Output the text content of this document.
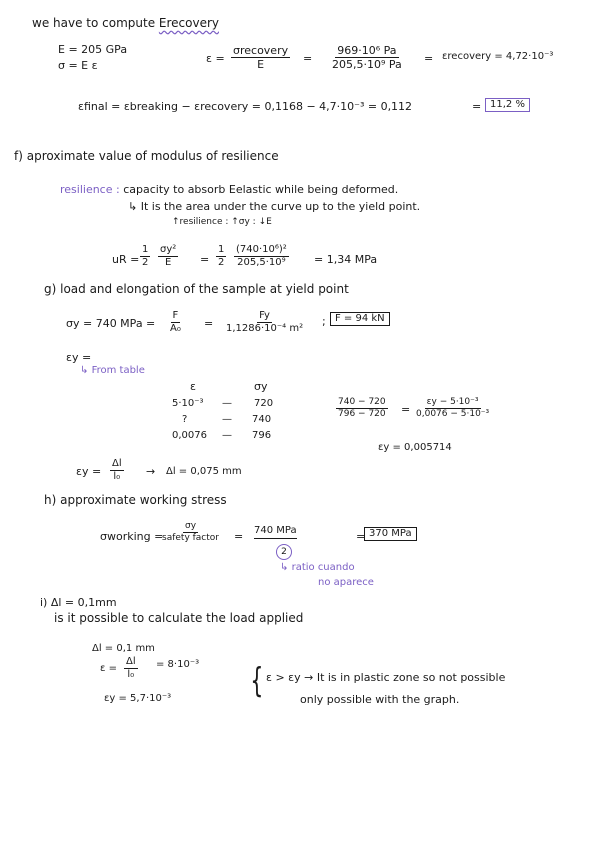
we have to compute Erecovery
E = 205 GPa
σ = E ε
ε =
σrecovery
E	= $\frac{\text{969·10⁶ Pa}}{\text{205,5·10⁹ Pa}}$ = εrecovery = 4,72·10⁻³
εfinal = εbreaking − εrecovery = 0,1168 − 4,7·10⁻³ = 0,112	= 11,2 %
f) aproximate value of modulus of resilience
resilience : capacity to absorb Eelastic while being deformed.
↳ It is the area under the curve up to the yield point.
↑resilience : ↑σy : ↓E
uR = $\frac{1}{2} \frac{\text{σy²}}{E} = \frac{1}{2} \frac{\text{(740·10⁶)²}}{\text{205,5·10⁹}} = 1,34$ MPa
g) load and elongation of the sample at yield point
σy = 740 MPa = $\frac{F}{\text{A₀}} = \frac{Fy}{\text{1,1286·10⁻⁴ m²}}$ ; F = 94 kN
εy =
↳ From table
ε	σy
5·10⁻³ — 720
?	— 740
0,0076 — 796
$\frac{740 - 720}{796 - 720} = \frac{\text{εy − 5·10⁻³}}{\text{0,0076 − 5·10⁻³}}$
εy = 0,005714
$\varepsilon y = \frac{\Delta l}{\text{l₀}} \to \Delta l = 0,075$ mm
h) approximate working stress
σworking =
σy
safety factor = 740 MPa
2
= 370 MPa
↳ ratio cuando
no aparece
i) Δl = 0,1mm
is it possible to calculate the load applied
Δl = 0,1 mm
$\varepsilon = \frac{\Delta l}{\text{l₀}} = 8\cdot 10^{-3}$
εy = 5,7·10⁻³ { ε > εy → It is in plastic zone so not possible
only possible with the graph.
